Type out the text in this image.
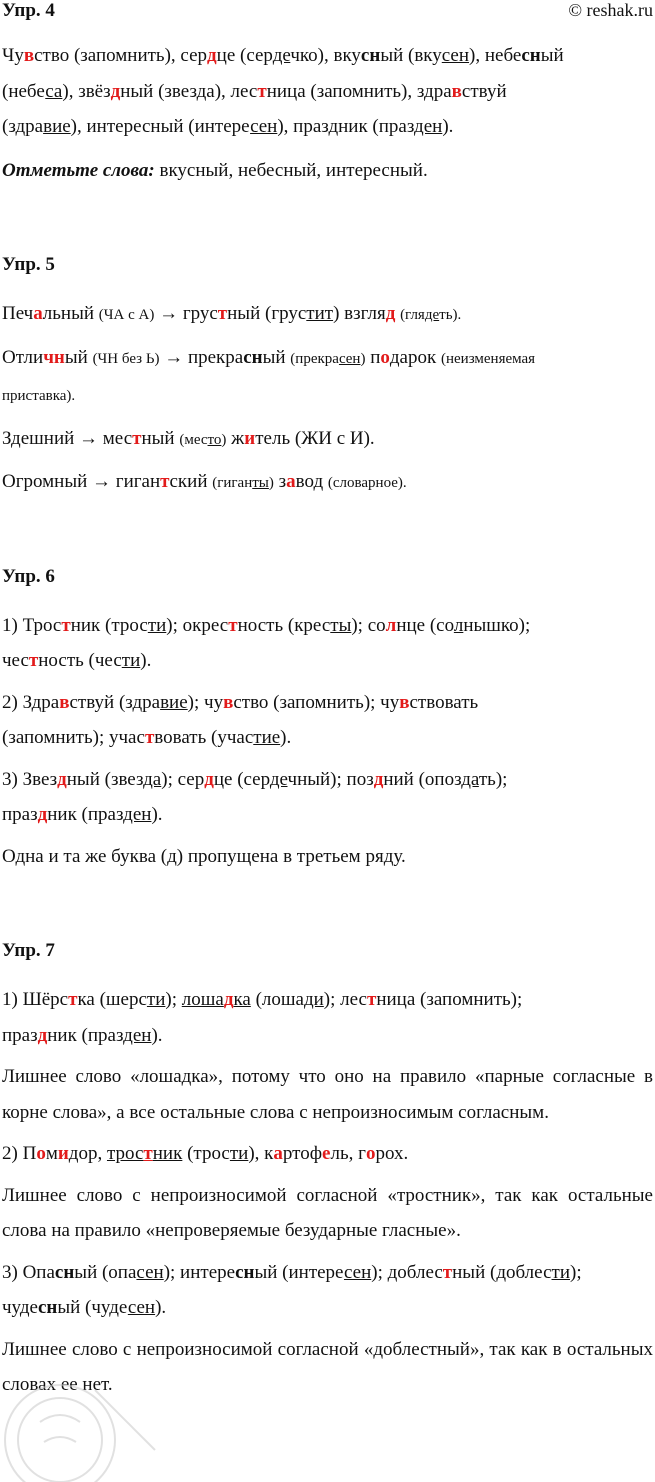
Упр. 4	© reshak.ru

Чувство (запомнить), сердце (сердечко), вкусный (вкусен), небесный

(небеса), звёздный (звезда), лестница (запомнить), здравствуй

(здравие), интересный (интересен), праздник (празден).

Отметьте слова: вкусный, небесный, интересный.

Упр. 5

Печальный (ЧА с А) → грустный (грустит) взгляд (глядеть).

Отличный (ЧН без Ь) → прекрасный (прекрасен) подарок (неизменяемая

приставка).

Здешний → местный (место) житель (ЖИ с И).

Огромный → гигантский (гиганты) завод (словарное).

Упр. 6

1) Тростник (трости); окрестность (кресты); солнце (солнышко);

честность (чести).

2) Здравствуй (здравие); чувство (запомнить); чувствовать

(запомнить); участвовать (участие).

3) Звездный (звезда); сердце (сердечный); поздний (опоздать);

праздник (празден).

Одна и та же буква (д) пропущена в третьем ряду.

Упр. 7

1) Шёрстка (шерсти); лошадка (лошади); лестница (запомнить);

праздник (празден).

Лишнее слово «лошадка», потому что оно на правило «парные согласные в корне слова», а все остальные слова с непроизносимым согласным.

2) Помидор, тростник (трости), картофель, горох.

Лишнее слово с непроизносимой согласной «тростник», так как остальные слова на правило «непроверяемые безударные гласные».

3) Опасный (опасен); интересный (интересен); доблестный (доблести);

чудесный (чудесен).

Лишнее слово с непроизносимой согласной «доблестный», так как в остальных словах ее нет.
